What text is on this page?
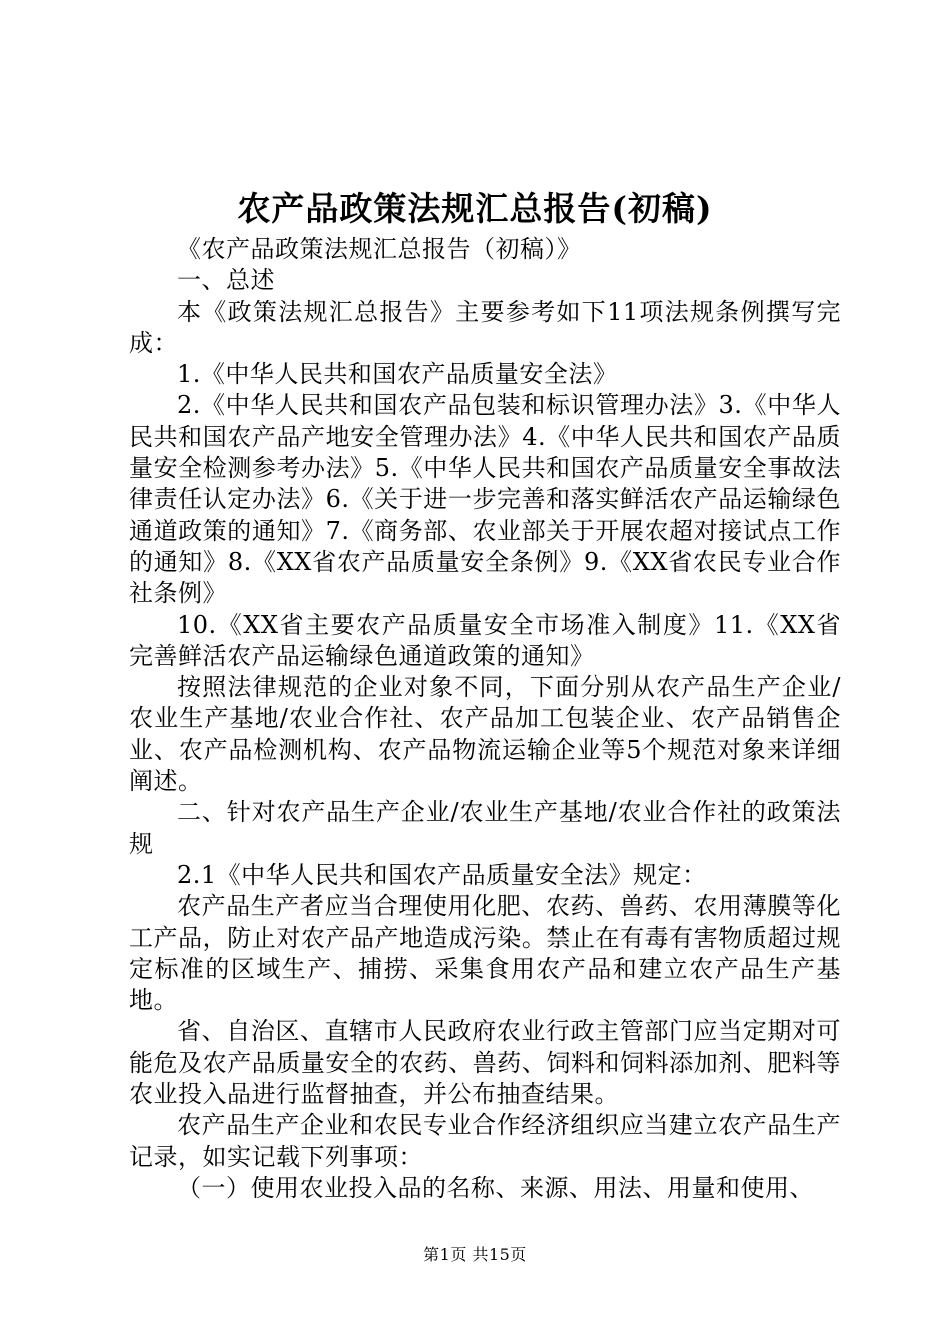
农产品政策法规汇总报告(初稿)

《农产品政策法规汇总报告（初稿）》

一、总述

本《政策法规汇总报告》主要参考如下11项法规条例撰写完成：

1.《中华人民共和国农产品质量安全法》

2.《中华人民共和国农产品包装和标识管理办法》3.《中华人民共和国农产品产地安全管理办法》4.《中华人民共和国农产品质量安全检测参考办法》5.《中华人民共和国农产品质量安全事故法律责任认定办法》6.《关于进一步完善和落实鲜活农产品运输绿色通道政策的通知》7.《商务部、农业部关于开展农超对接试点工作的通知》8.《XX省农产品质量安全条例》9.《XX省农民专业合作社条例》

10.《XX省主要农产品质量安全市场准入制度》11.《XX省完善鲜活农产品运输绿色通道政策的通知》

按照法律规范的企业对象不同，下面分别从农产品生产企业/农业生产基地/农业合作社、农产品加工包装企业、农产品销售企业、农产品检测机构、农产品物流运输企业等5个规范对象来详细阐述。

二、针对农产品生产企业/农业生产基地/农业合作社的政策法规

2.1《中华人民共和国农产品质量安全法》规定：

农产品生产者应当合理使用化肥、农药、兽药、农用薄膜等化工产品，防止对农产品产地造成污染。禁止在有毒有害物质超过规定标准的区域生产、捕捞、采集食用农产品和建立农产品生产基地。

省、自治区、直辖市人民政府农业行政主管部门应当定期对可能危及农产品质量安全的农药、兽药、饲料和饲料添加剂、肥料等农业投入品进行监督抽查，并公布抽查结果。

农产品生产企业和农民专业合作经济组织应当建立农产品生产记录，如实记载下列事项：

（一）使用农业投入品的名称、来源、用法、用量和使用、

第1页 共15页
